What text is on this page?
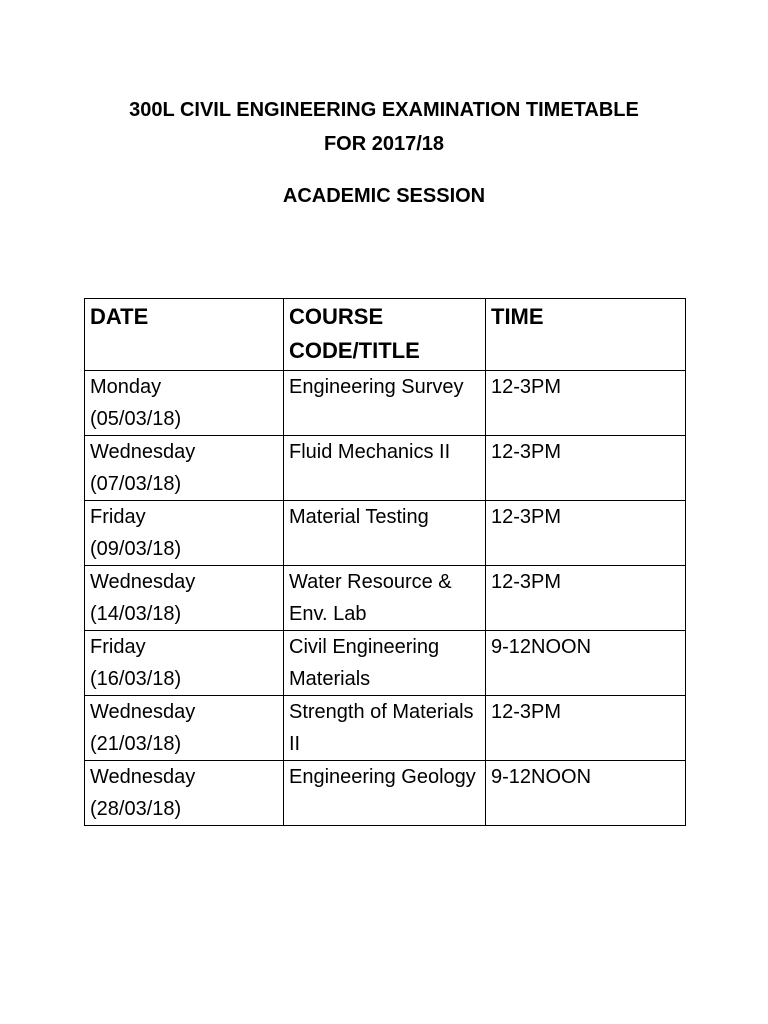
300L CIVIL ENGINEERING EXAMINATION TIMETABLE
FOR 2017/18
ACADEMIC SESSION
DATE	COURSE CODE/TITLE	TIME
Monday
(05/03/18)	Engineering Survey	12-3PM
Wednesday
(07/03/18)	Fluid Mechanics II	12-3PM
Friday
(09/03/18)	Material Testing	12-3PM
Wednesday
(14/03/18)	Water Resource & Env. Lab	12-3PM
Friday
(16/03/18)	Civil Engineering Materials	9-12NOON
Wednesday
(21/03/18)	Strength of Materials II	12-3PM
Wednesday
(28/03/18)	Engineering Geology	9-12NOON
